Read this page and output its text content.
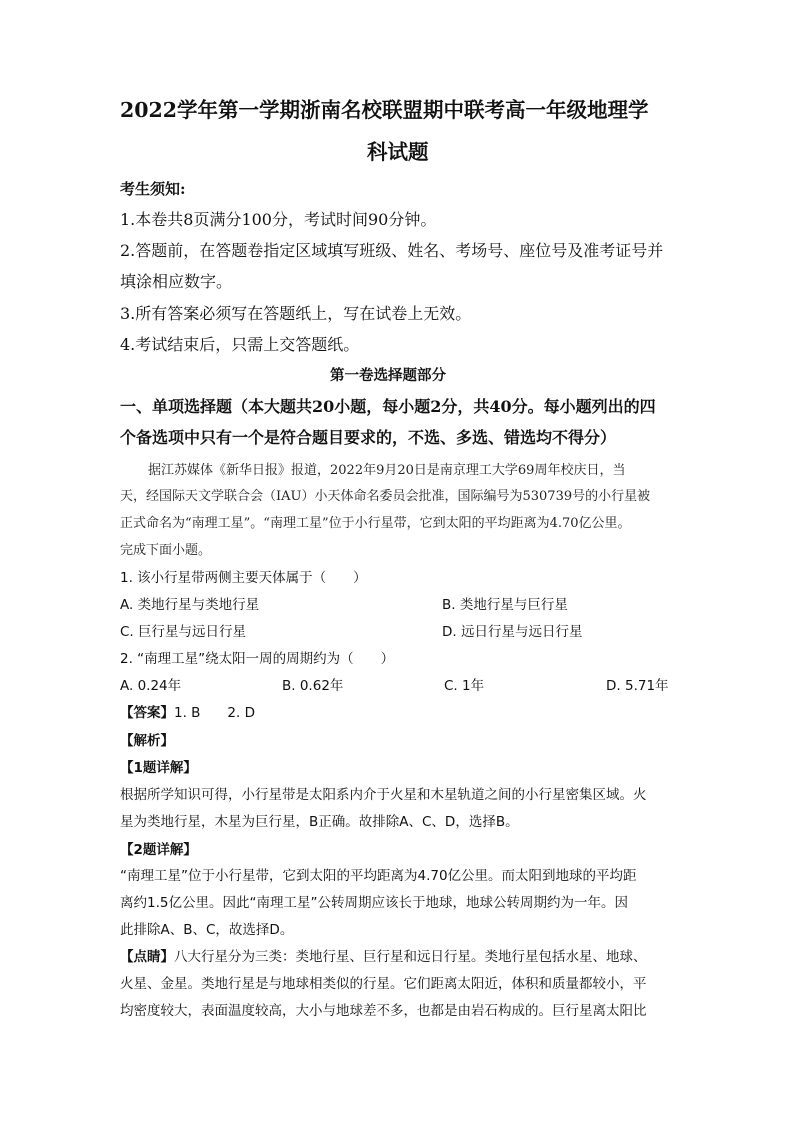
2022学年第一学期浙南名校联盟期中联考高一年级地理学
科试题
考生须知:
1.本卷共8页满分100分，考试时间90分钟。
2.答题前，在答题卷指定区域填写班级、姓名、考场号、座位号及准考证号并
填涂相应数字。
3.所有答案必须写在答题纸上，写在试卷上无效。
4.考试结束后，只需上交答题纸。
第一卷选择题部分
一、单项选择题（本大题共20小题，每小题2分，共40分。每小题列出的四
个备选项中只有一个是符合题目要求的，不选、多选、错选均不得分）
据江苏媒体《新华日报》报道，2022年9月20日是南京理工大学69周年校庆日，当
天，经国际天文学联合会（IAU）小天体命名委员会批准，国际编号为530739号的小行星被
正式命名为“南理工星”。“南理工星”位于小行星带，它到太阳的平均距离为4.70亿公里。
完成下面小题。
1. 该小行星带两侧主要天体属于（　　）
A. 类地行星与类地行星	B. 类地行星与巨行星
C. 巨行星与远日行星	D. 远日行星与远日行星
2. “南理工星”绕太阳一周的周期约为（　　）
A. 0.24年	B. 0.62年	C. 1年	D. 5.71年
【答案】1. B　　2. D
【解析】
【1题详解】
根据所学知识可得，小行星带是太阳系内介于火星和木星轨道之间的小行星密集区域。火
星为类地行星，木星为巨行星，B正确。故排除A、C、D，选择B。
【2题详解】
“南理工星”位于小行星带，它到太阳的平均距离为4.70亿公里。而太阳到地球的平均距
离约1.5亿公里。因此“南理工星”公转周期应该长于地球，地球公转周期约为一年。因
此排除A、B、C，故选择D。
【点睛】八大行星分为三类：类地行星、巨行星和远日行星。类地行星包括水星、地球、
火星、金星。类地行星是与地球相类似的行星。它们距离太阳近，体积和质量都较小，平
均密度较大，表面温度较高，大小与地球差不多，也都是由岩石构成的。巨行星离太阳比
